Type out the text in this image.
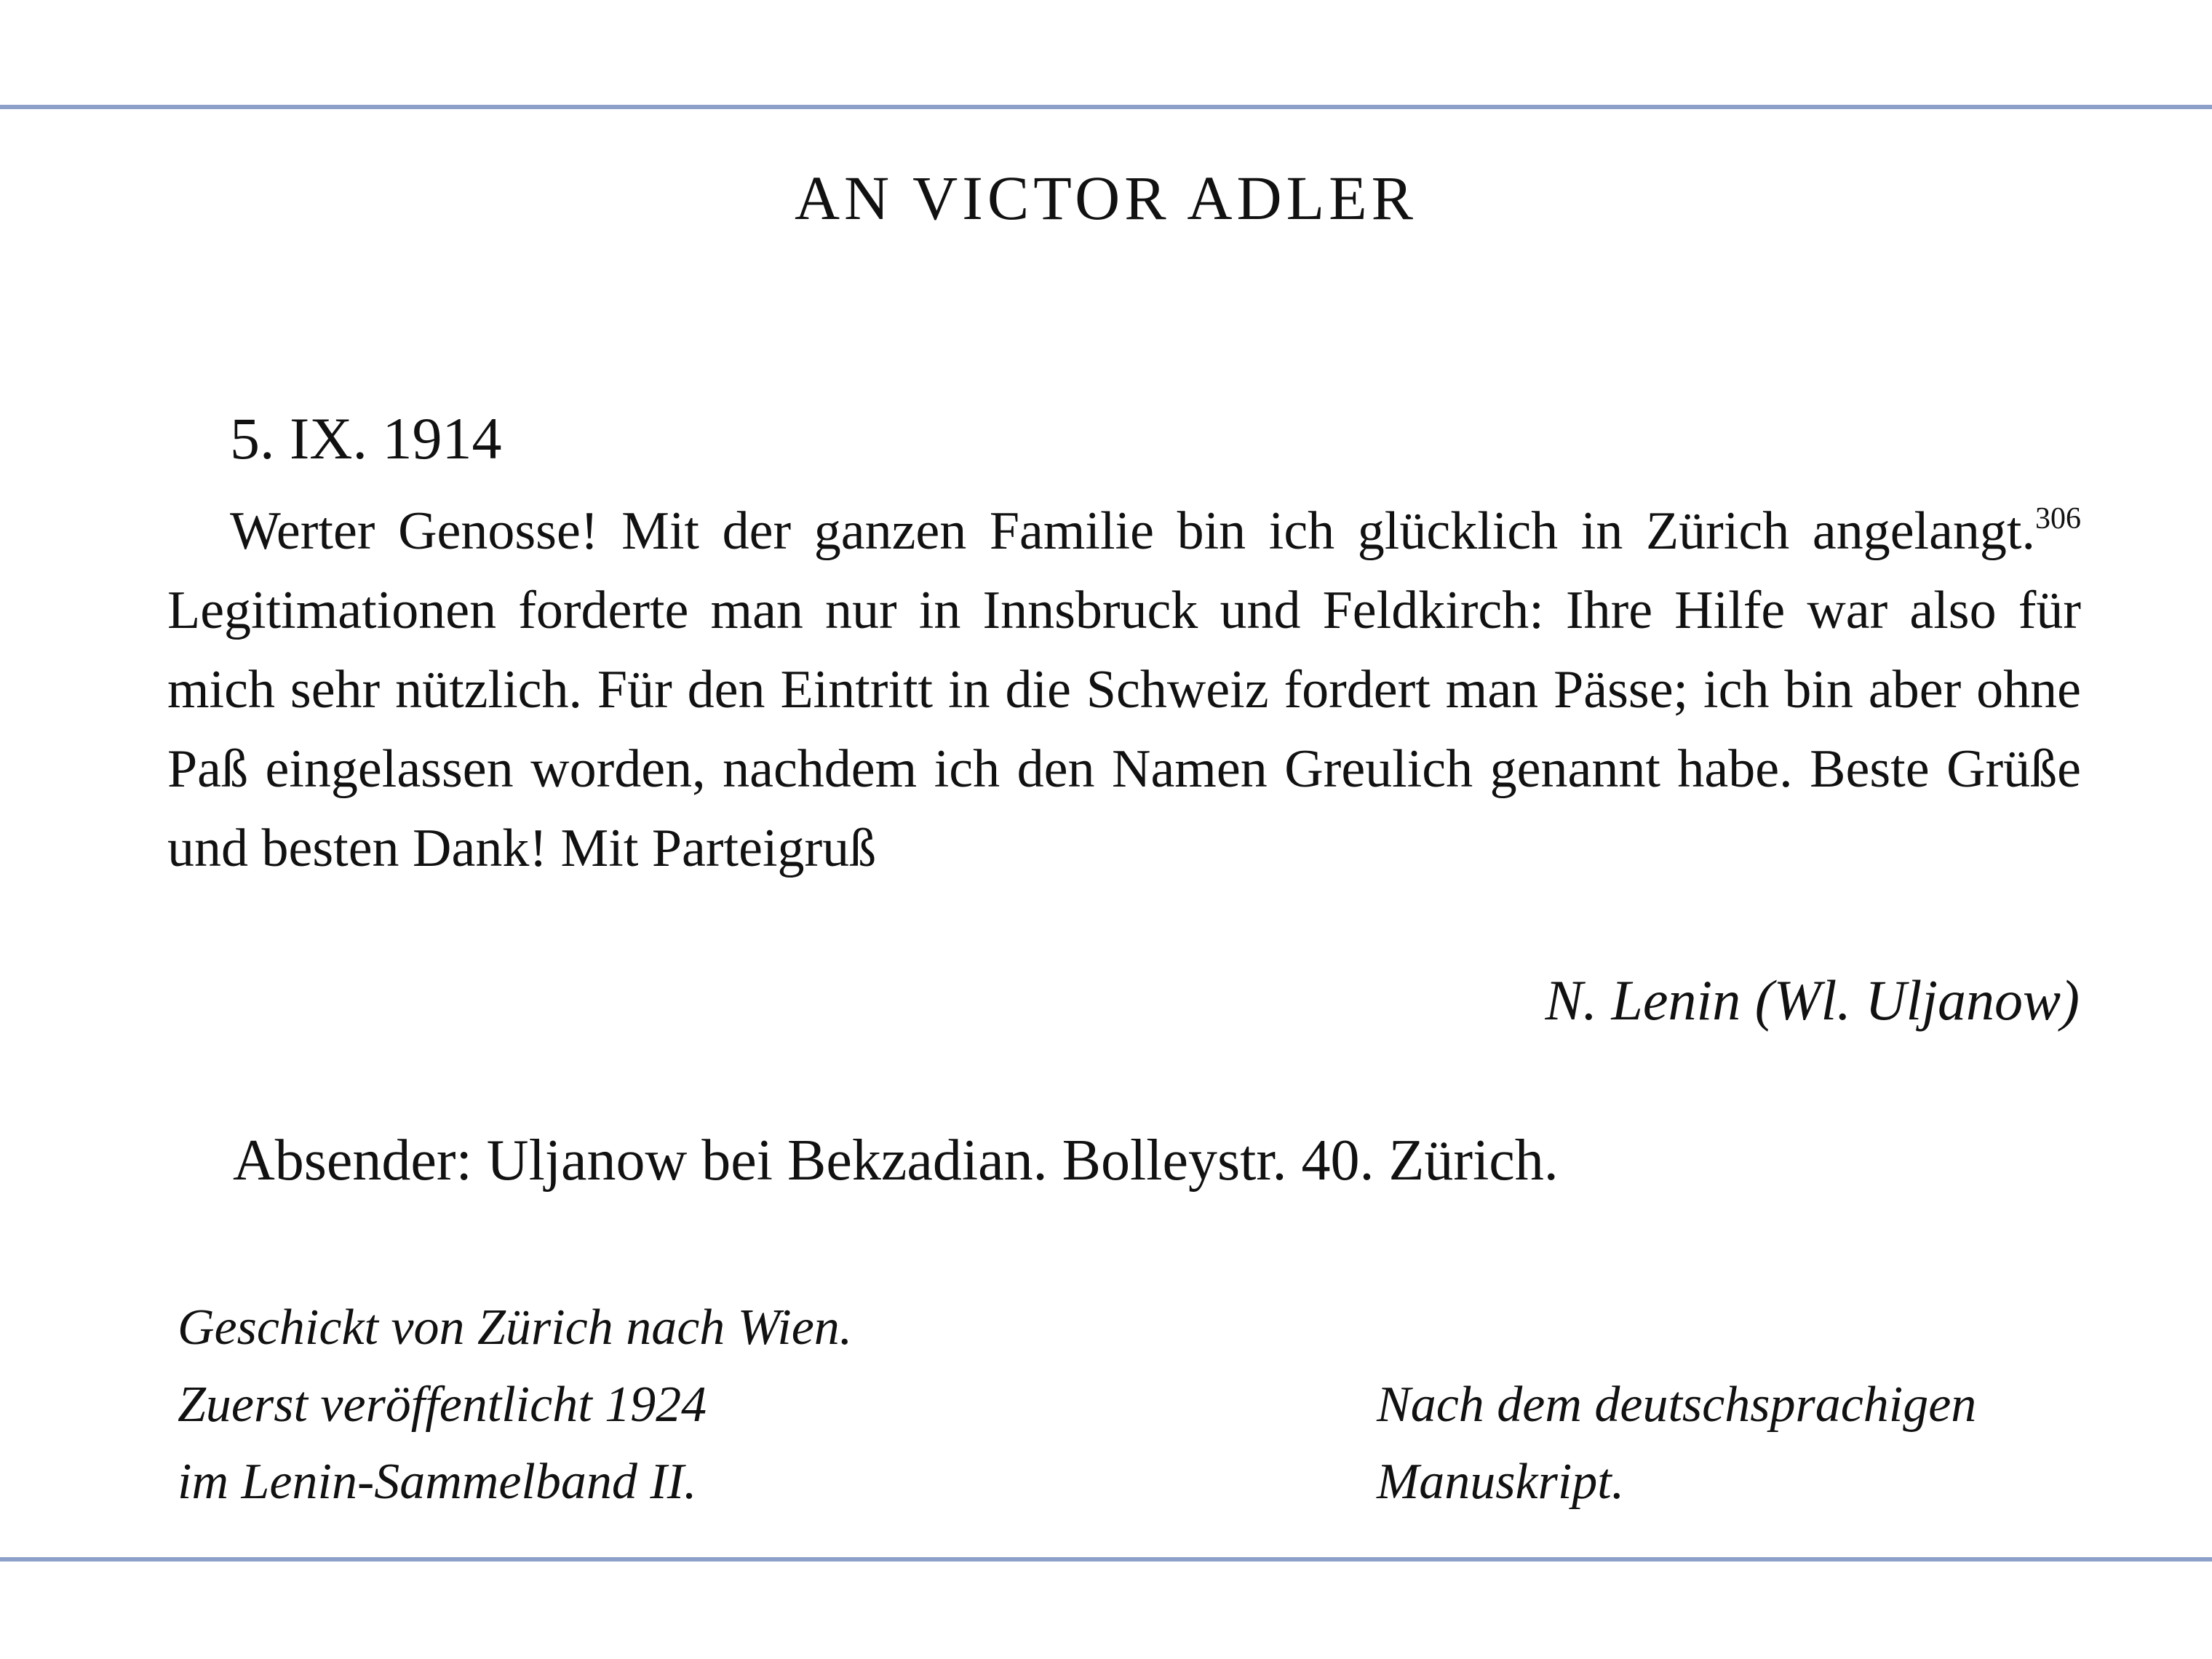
AN VICTOR ADLER
5. IX. 1914

Werter Genosse! Mit der ganzen Familie bin ich glücklich in Zürich angelangt.$^{306}$ Legitimationen forderte man nur in Innsbruck und Feldkirch: Ihre Hilfe war also für mich sehr nützlich. Für den Eintritt in die Schweiz fordert man Pässe; ich bin aber ohne Paß eingelassen worden, nachdem ich den Namen Greulich genannt habe. Beste Grüße und besten Dank! Mit Parteigruß

N. Lenin (Wl. Uljanow)
Absender: Uljanow bei Bekzadian. Bolleystr. 40. Zürich.
Geschickt von Zürich nach Wien.
Zuerst veröffentlicht 1924
im Lenin-Sammelband II.
Nach dem deutschsprachigen
Manuskript.
